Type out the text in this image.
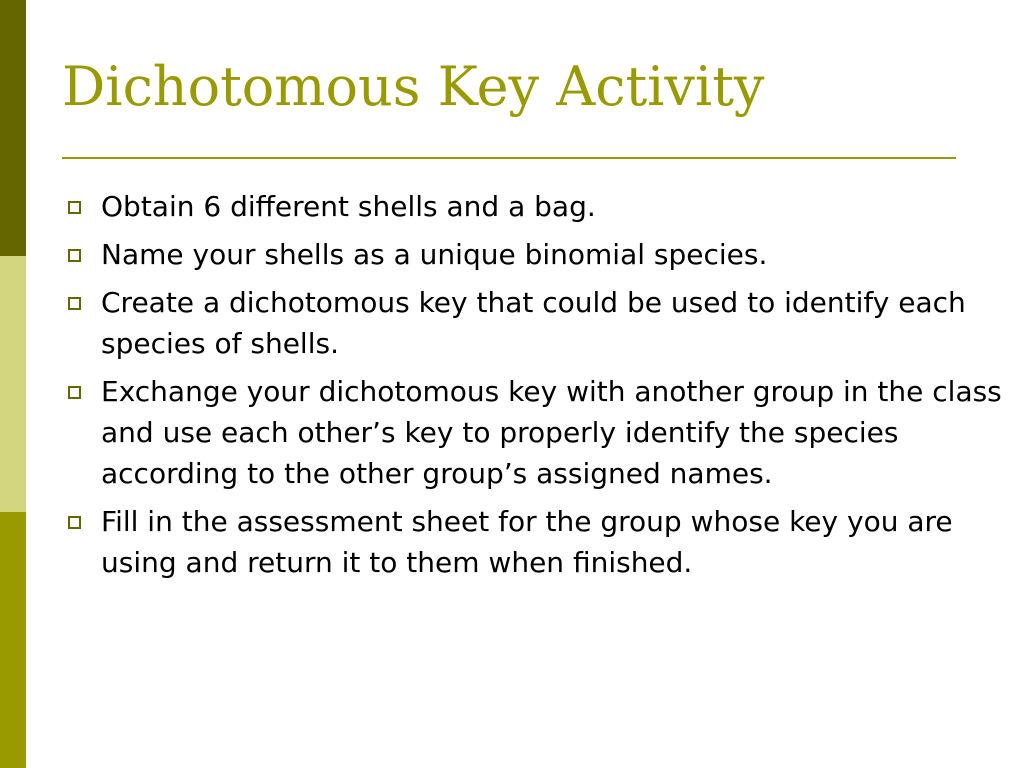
Dichotomous Key Activity
Obtain 6 different shells and a bag.
Name your shells as a unique binomial species.
Create a dichotomous key that could be used to identify each species of shells.
Exchange your dichotomous key with another group in the class and use each other’s key to properly identify the species according to the other group’s assigned names.
Fill in the assessment sheet for the group whose key you are using and return it to them when finished.
